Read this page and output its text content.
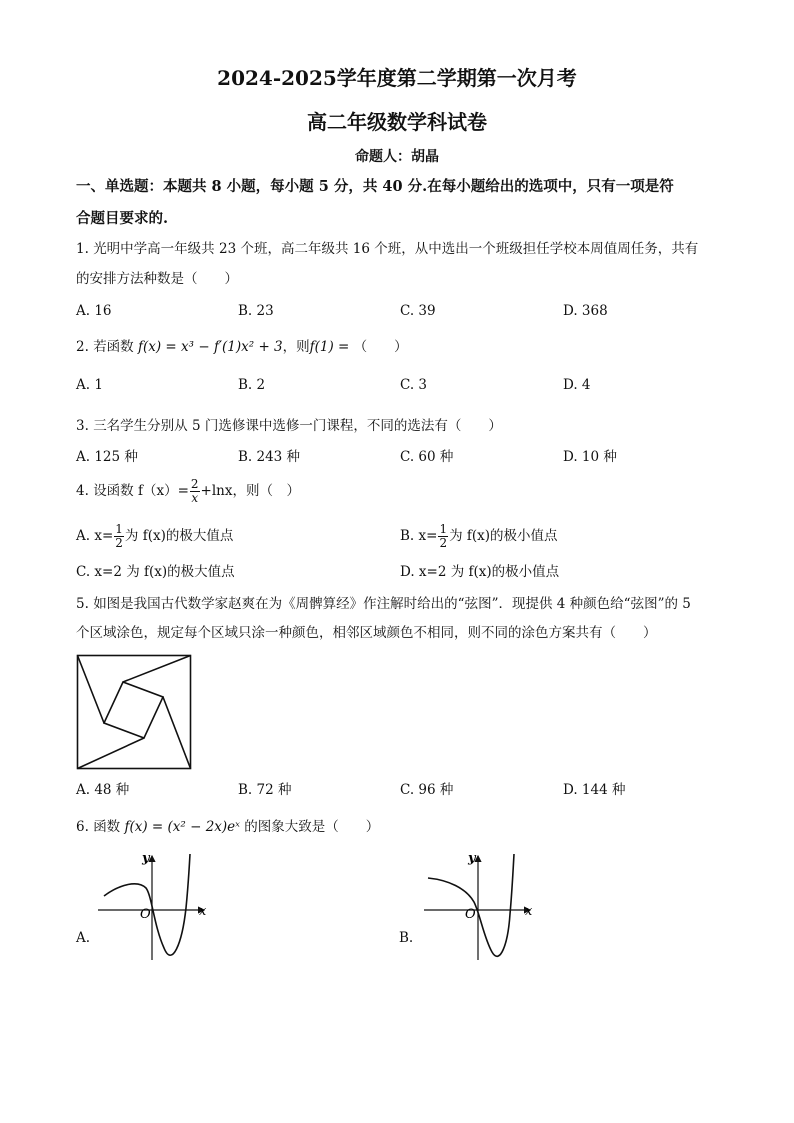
2024-2025学年度第二学期第一次月考
高二年级数学科试卷
命题人：胡晶
一、单选题：本题共 8 小题，每小题 5 分，共 40 分.在每小题给出的选项中，只有一项是符
合题目要求的.
1. 光明中学高一年级共 23 个班，高二年级共 16 个班，从中选出一个班级担任学校本周值周任务，共有
的安排方法种数是（　　）
A. 16	B. 23	C. 39	D. 368
2. 若函数 f(x) = x³ − f′(1)x² + 3，则f(1) = （　　）
A. 1	B. 2	C. 3	D. 4
3. 三名学生分别从 5 门选修课中选修一门课程，不同的选法有（　　）
A. 125 种	B. 243 种	C. 60 种	D. 10 种
4. 设函数 $f(x)= \frac{2}{x} +\ln x$，则（　）
A. $x= \frac{1}{2}$ 为 f(x)的极大值点	B. $x= \frac{1}{2}$ 为 f(x)的极小值点
C. x=2 为 f(x)的极大值点	D. x=2 为 f(x)的极小值点
5. 如图是我国古代数学家赵爽在为《周髀算经》作注解时给出的“弦图”．现提供 4 种颜色给“弦图”的 5
个区域涂色，规定每个区域只涂一种颜色，相邻区域颜色不相同，则不同的涂色方案共有（　　）
A. 48 种	B. 72 种	C. 96 种	D. 144 种
6. 函数 f(x) = (x² − 2x)eˣ 的图象大致是（　　）
A.
y
x
O
B.
y
x
O
